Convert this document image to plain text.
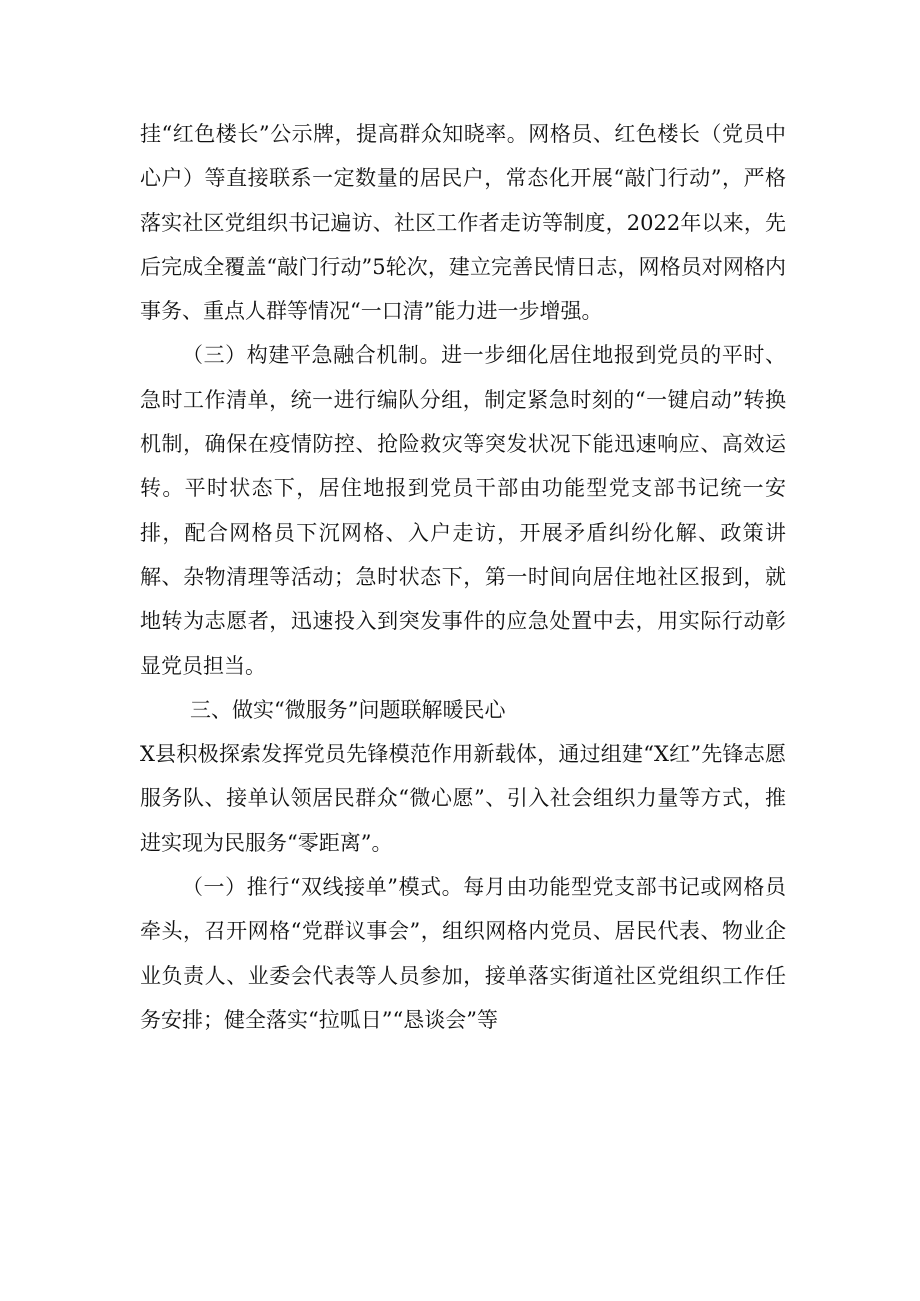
挂“红色楼长”公示牌，提高群众知晓率。网格员、红色楼长（党员中心户）等直接联系一定数量的居民户，常态化开展“敲门行动”，严格落实社区党组织书记遍访、社区工作者走访等制度，2022年以来，先后完成全覆盖“敲门行动”5轮次，建立完善民情日志，网格员对网格内事务、重点人群等情况“一口清”能力进一步增强。

（三）构建平急融合机制。进一步细化居住地报到党员的平时、急时工作清单，统一进行编队分组，制定紧急时刻的“一键启动”转换机制，确保在疫情防控、抢险救灾等突发状况下能迅速响应、高效运转。平时状态下，居住地报到党员干部由功能型党支部书记统一安排，配合网格员下沉网格、入户走访，开展矛盾纠纷化解、政策讲解、杂物清理等活动；急时状态下，第一时间向居住地社区报到，就地转为志愿者，迅速投入到突发事件的应急处置中去，用实际行动彰显党员担当。

三、做实“微服务”问题联解暖民心

X县积极探索发挥党员先锋模范作用新载体，通过组建“X红”先锋志愿服务队、接单认领居民群众“微心愿”、引入社会组织力量等方式，推进实现为民服务“零距离”。

（一）推行“双线接单”模式。每月由功能型党支部书记或网格员牵头，召开网格“党群议事会”，组织网格内党员、居民代表、物业企业负责人、业委会代表等人员参加，接单落实街道社区党组织工作任务安排；健全落实“拉呱日”“恳谈会”等
